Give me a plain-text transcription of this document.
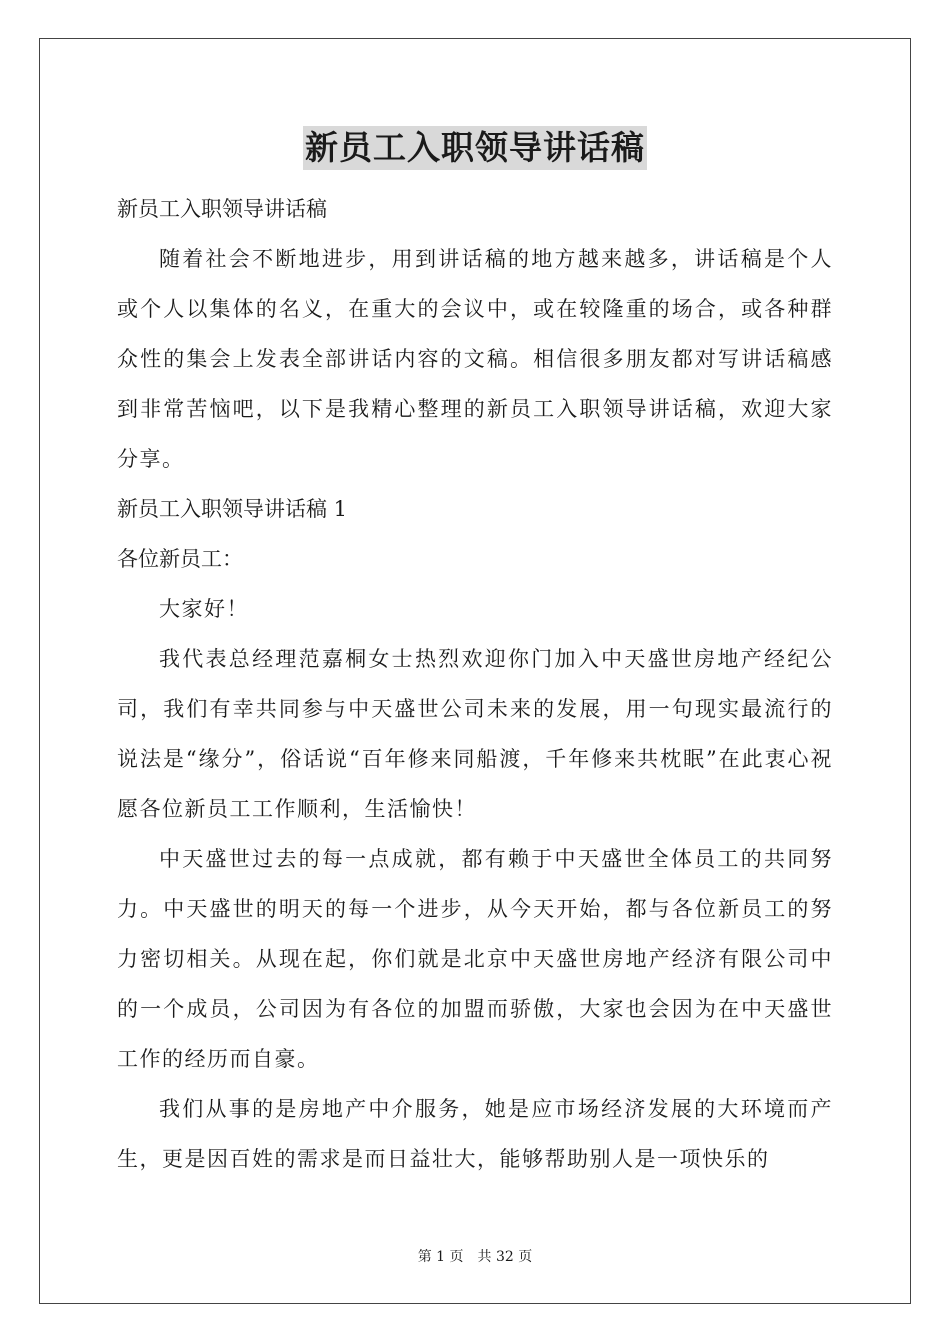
新员工入职领导讲话稿

新员工入职领导讲话稿

随着社会不断地进步，用到讲话稿的地方越来越多，讲话稿是个人或个人以集体的名义，在重大的会议中，或在较隆重的场合，或各种群众性的集会上发表全部讲话内容的文稿。相信很多朋友都对写讲话稿感到非常苦恼吧，以下是我精心整理的新员工入职领导讲话稿，欢迎大家分享。

新员工入职领导讲话稿 1

各位新员工：

大家好！

我代表总经理范嘉桐女士热烈欢迎你门加入中天盛世房地产经纪公司，我们有幸共同参与中天盛世公司未来的发展，用一句现实最流行的说法是“缘分”，俗话说“百年修来同船渡，千年修来共枕眠”在此衷心祝愿各位新员工工作顺利，生活愉快！

中天盛世过去的每一点成就，都有赖于中天盛世全体员工的共同努力。中天盛世的明天的每一个进步，从今天开始，都与各位新员工的努力密切相关。从现在起，你们就是北京中天盛世房地产经济有限公司中的一个成员，公司因为有各位的加盟而骄傲，大家也会因为在中天盛世工作的经历而自豪。

我们从事的是房地产中介服务，她是应市场经济发展的大环境而产生，更是因百姓的需求是而日益壮大，能够帮助别人是一项快乐的

第 1 页　共 32 页
